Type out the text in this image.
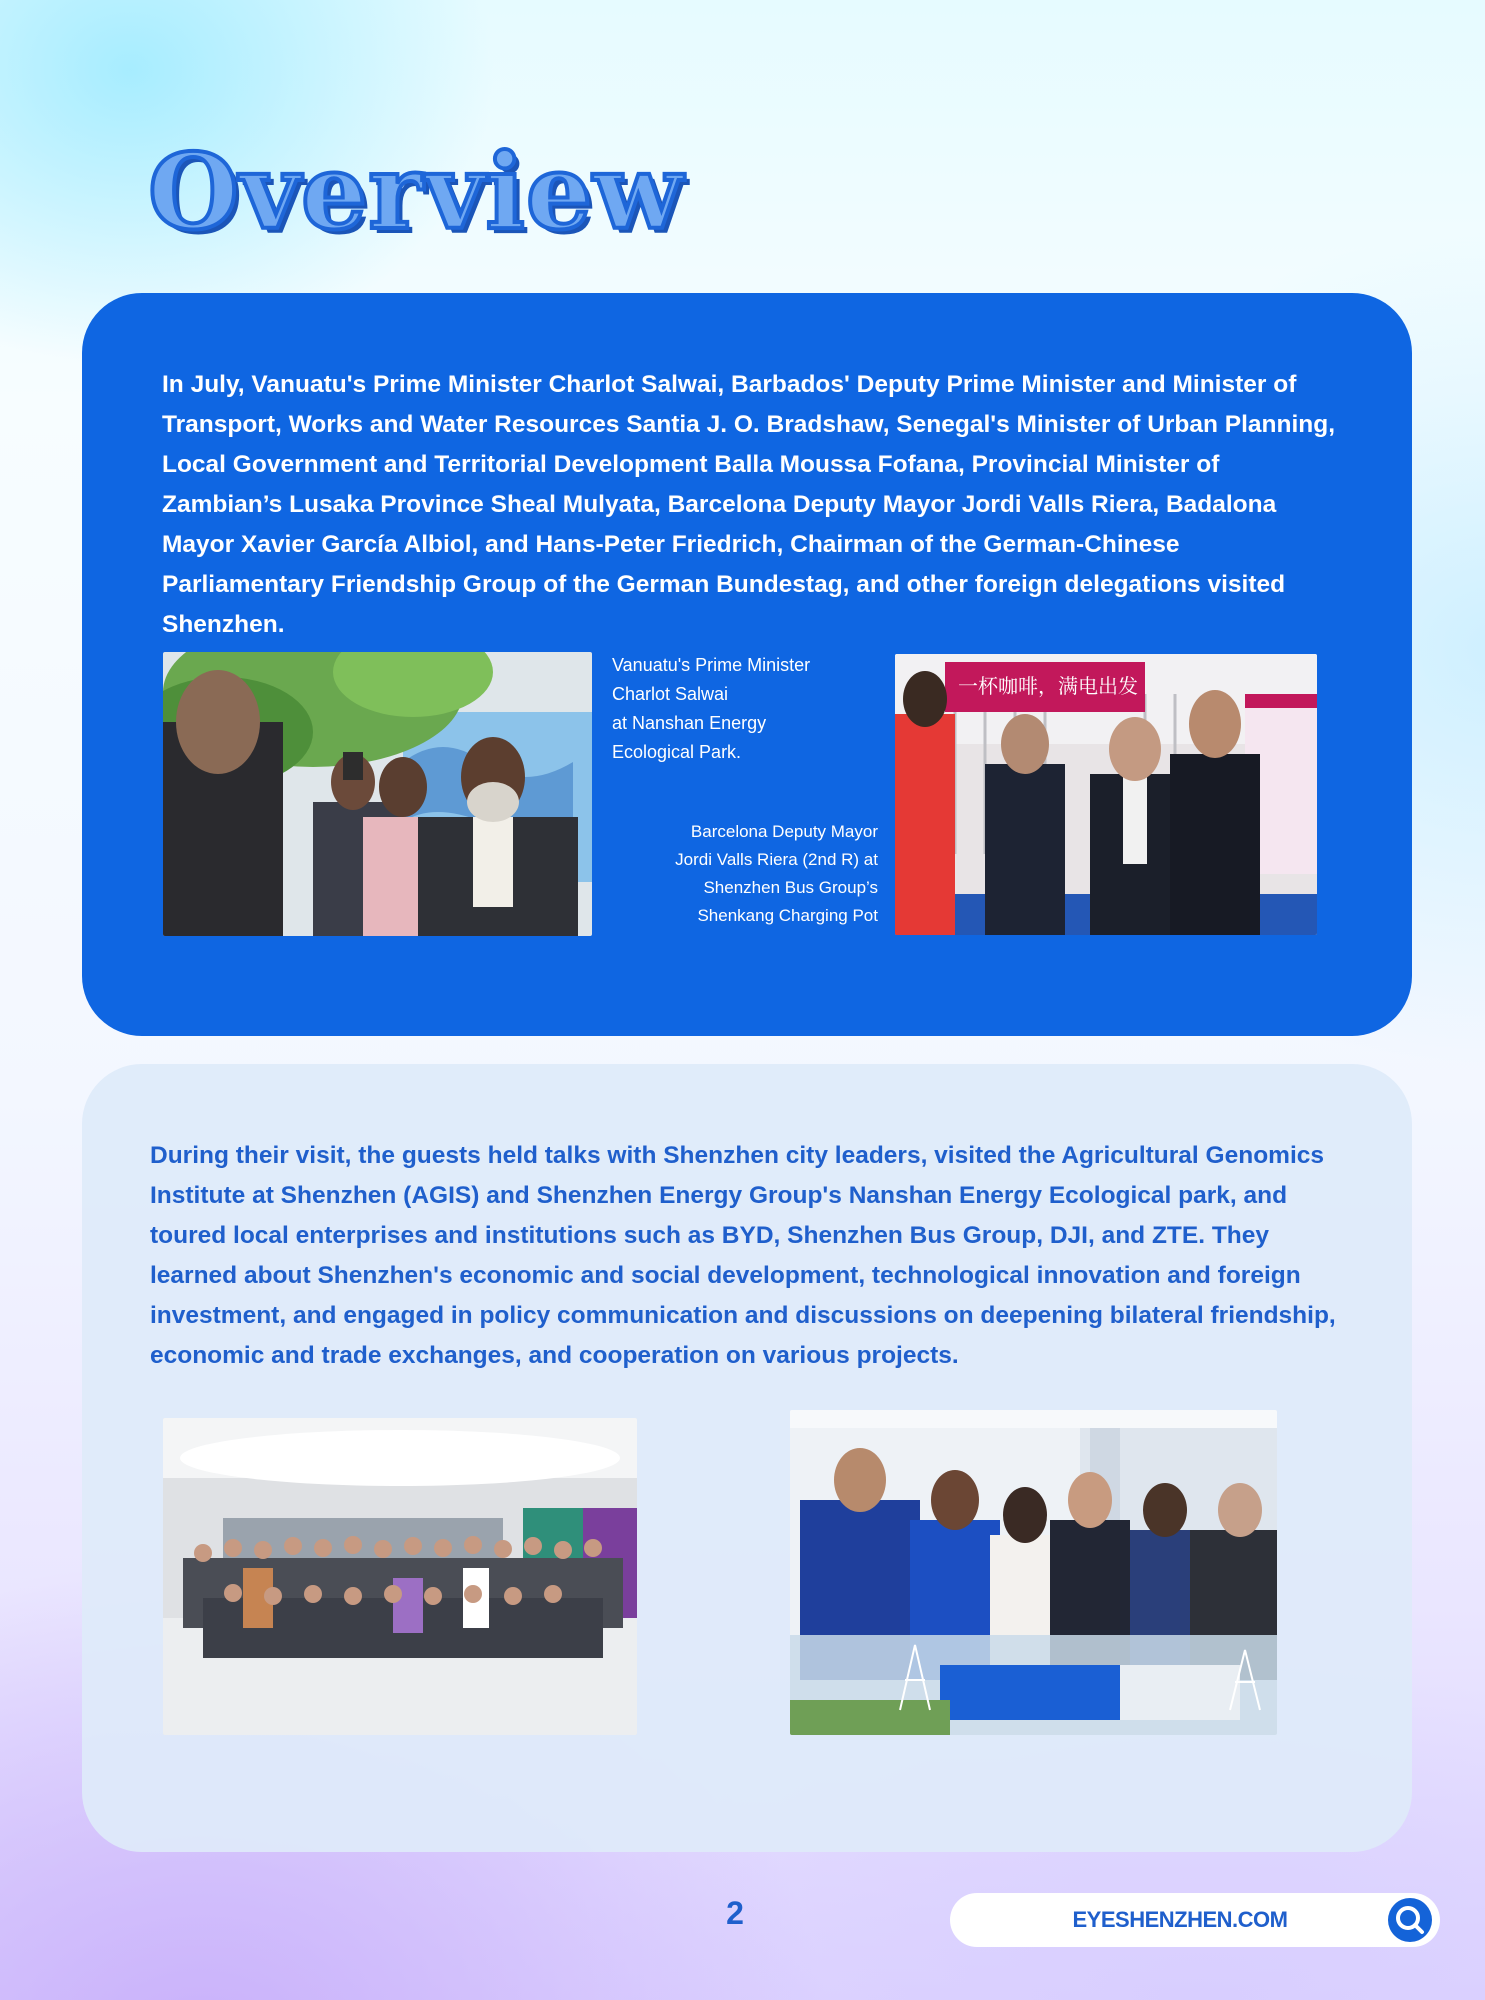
Overview

In July, Vanuatu's Prime Minister Charlot Salwai, Barbados' Deputy Prime Minister and Minister of Transport, Works and Water Resources Santia J. O. Bradshaw, Senegal's Minister of Urban Planning, Local Government and Territorial Development Balla Moussa Fofana, Provincial Minister of Zambian’s Lusaka Province Sheal Mulyata, Barcelona Deputy Mayor Jordi Valls Riera, Badalona Mayor Xavier García Albiol, and Hans-Peter Friedrich, Chairman of the German-Chinese Parliamentary Friendship Group of the German Bundestag, and other foreign delegations visited Shenzhen.

Vanuatu's Prime Minister
Charlot Salwai
at Nanshan Energy
Ecological Park.

Barcelona Deputy Mayor
Jordi Valls Riera (2nd R) at
Shenzhen Bus Group’s
Shenkang Charging Pot

一杯咖啡，满电出发

During their visit, the guests held talks with Shenzhen city leaders, visited the Agricultural Genomics Institute at Shenzhen (AGIS) and Shenzhen Energy Group's Nanshan Energy Ecological park, and toured local enterprises and institutions such as BYD, Shenzhen Bus Group, DJI, and ZTE. They learned about Shenzhen's economic and social development, technological innovation and foreign investment, and engaged in policy communication and discussions on deepening bilateral friendship, economic and trade exchanges, and cooperation on various projects.

2	EYESHENZHEN.COM
